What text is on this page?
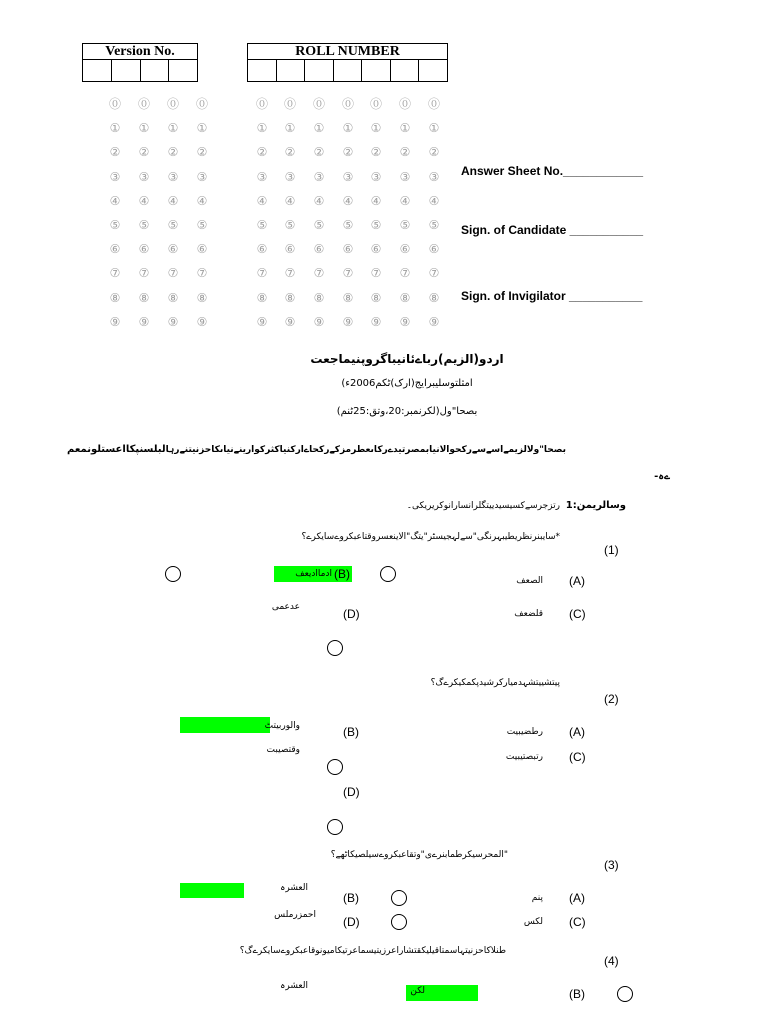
Version No.	ROLL NUMBER
Answer Sheet No.____________
Sign. of Candidate ___________
Sign. of Invigilator ___________
اردو(الزیم)رباےئانیباگروپنیماجعت
امثلتوسلیبرایج(ارک)ٹکم2006ء)
بصحا"ول(لکرنمبر:20،وتق:25ٹنم)
بصحا"ولالزیمےاسےسےرکحوالانیابمصرتیدےرکاںعطرمزکےرکحاےارکنیاکثرکوارینےنیاںکاحزنیتنےرہالبلسنپکااعستلونمعم
ےہ-
وسالریمن:1
رتزجرسےکسیسیدییتگلرانسارانوکریریکی۔
*سایبنرنظریطیبہرنگی"سےلہجیسٹر"یتگ"الاینعسروقتاعبکروےسایکرے؟
(1)
ادماادیعف (B)	الصعف (A)
عدعمی	(D)	قلضعف (C)
پیتشییتشہدمیارکرشیدپکمکیکرےگ؟
(2)
والوربیتٹ	(B)	رطضیبیت (A)
وقتصیبت
رتبصتیبیت (C)
(D)
"المحرسیکرطمابنرےی"وتقاعبکروےسیلصیکاٹھے؟
(3)
العشرہ
(B)	پنم (A)
احمزرملس (D)	لکس (C)
طنلاکاحزنیتہاسمتاقیلیکقتشاراعرزیتیسماعرتیکامیونوقاعبکروےسایکرےگ؟
(4)
العشرہ	لکن	(B)
⓪ ⓪ ⓪ ⓪	⓪ ⓪ ⓪ ⓪ ⓪ ⓪ ⓪
① ① ① ①	① ① ① ① ① ① ①
② ② ② ②	② ② ② ② ② ② ②
③ ③ ③ ③	③ ③ ③ ③ ③ ③ ③
④ ④ ④ ④	④ ④ ④ ④ ④ ④ ④
⑤ ⑤ ⑤ ⑤	⑤ ⑤ ⑤ ⑤ ⑤ ⑤ ⑤
⑥ ⑥ ⑥ ⑥	⑥ ⑥ ⑥ ⑥ ⑥ ⑥ ⑥
⑦ ⑦ ⑦ ⑦	⑦ ⑦ ⑦ ⑦ ⑦ ⑦ ⑦
⑧ ⑧ ⑧ ⑧	⑧ ⑧ ⑧ ⑧ ⑧ ⑧ ⑧
⑨ ⑨ ⑨ ⑨	⑨ ⑨ ⑨ ⑨ ⑨ ⑨ ⑨
